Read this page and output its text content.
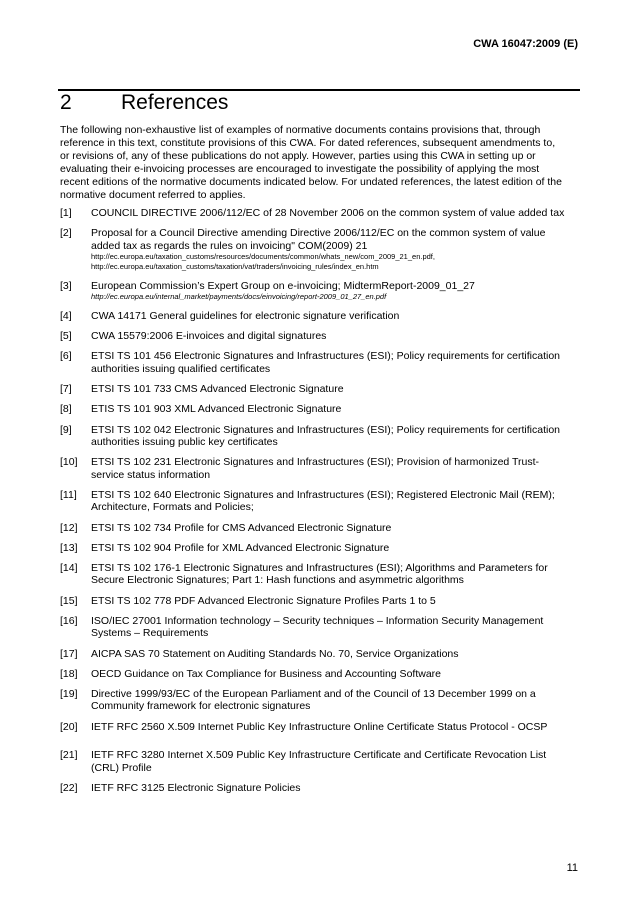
CWA 16047:2009 (E)
2	References

The following non-exhaustive list of examples of normative documents contains provisions that, through
reference in this text, constitute provisions of this CWA. For dated references, subsequent amendments to,
or revisions of, any of these publications do not apply. However, parties using this CWA in setting up or
evaluating their e-invoicing processes are encouraged to investigate the possibility of applying the most
recent editions of the normative documents indicated below. For undated references, the latest edition of the
normative document referred to applies.

[1]	COUNCIL DIRECTIVE 2006/112/EC of 28 November 2006 on the common system of value added tax
[2]	Proposal for a Council Directive amending Directive 2006/112/EC on the common system of value
added tax as regards the rules on invoicing" COM(2009) 21
http://ec.europa.eu/taxation_customs/resources/documents/common/whats_new/com_2009_21_en.pdf,
http://ec.europa.eu/taxation_customs/taxation/vat/traders/invoicing_rules/index_en.htm
[3]	European Commission’s Expert Group on e-invoicing; MidtermReport-2009_01_27
http://ec.europa.eu/internal_market/payments/docs/einvoicing/report-2009_01_27_en.pdf
[4]	CWA 14171 General guidelines for electronic signature verification
[5]	CWA 15579:2006 E-invoices and digital signatures
[6]	ETSI TS 101 456 Electronic Signatures and Infrastructures (ESI); Policy requirements for certification
authorities issuing qualified certificates
[7]	ETSI TS 101 733 CMS Advanced Electronic Signature
[8]	ETIS TS 101 903 XML Advanced Electronic Signature
[9]	ETSI TS 102 042 Electronic Signatures and Infrastructures (ESI); Policy requirements for certification
authorities issuing public key certificates
[10]	ETSI TS 102 231 Electronic Signatures and Infrastructures (ESI); Provision of harmonized Trust-
service status information
[11]	ETSI TS 102 640 Electronic Signatures and Infrastructures (ESI); Registered Electronic Mail (REM);
Architecture, Formats and Policies;
[12]	ETSI TS 102 734 Profile for CMS Advanced Electronic Signature
[13]	ETSI TS 102 904 Profile for XML Advanced Electronic Signature
[14]	ETSI TS 102 176-1 Electronic Signatures and Infrastructures (ESI); Algorithms and Parameters for
Secure Electronic Signatures; Part 1: Hash functions and asymmetric algorithms
[15]	ETSI TS 102 778 PDF Advanced Electronic Signature Profiles Parts 1 to 5
[16]	ISO/IEC 27001 Information technology – Security techniques – Information Security Management
Systems – Requirements
[17]	AICPA SAS 70 Statement on Auditing Standards No. 70, Service Organizations
[18]	OECD Guidance on Tax Compliance for Business and Accounting Software
[19]	Directive 1999/93/EC of the European Parliament and of the Council of 13 December 1999 on a
Community framework for electronic signatures
[20]	IETF RFC 2560 X.509 Internet Public Key Infrastructure Online Certificate Status Protocol - OCSP
[21]	IETF RFC 3280 Internet X.509 Public Key Infrastructure Certificate and Certificate Revocation List
(CRL) Profile
[22]	IETF RFC 3125 Electronic Signature Policies
11
